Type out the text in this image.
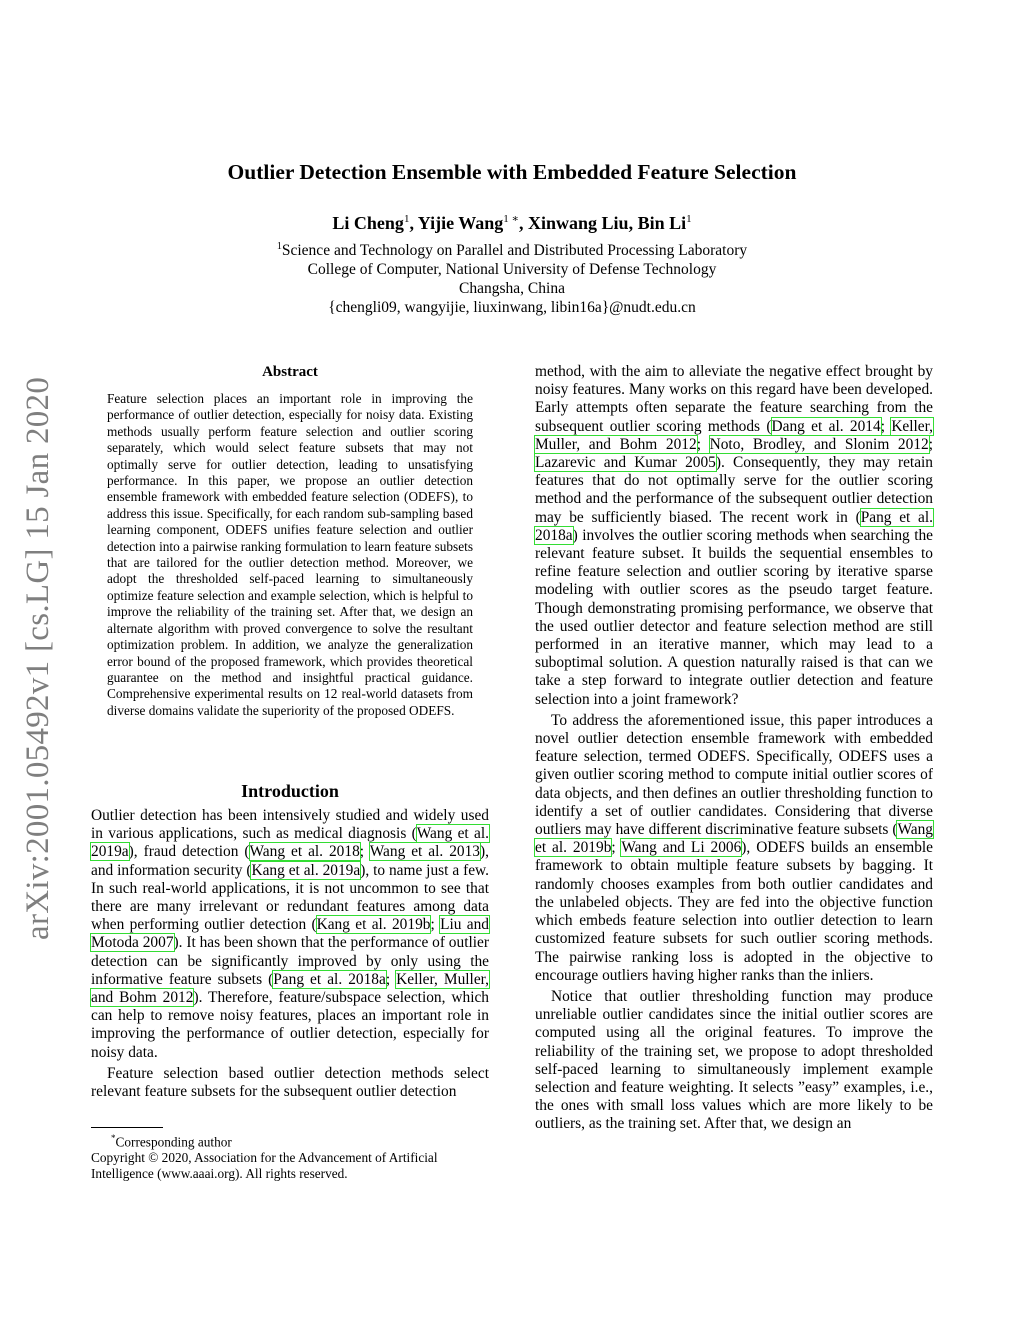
arXiv:2001.05492v1 [cs.LG] 15 Jan 2020
Outlier Detection Ensemble with Embedded Feature Selection
Li Cheng$^1$, Yijie Wang$^{1 ∗}$, Xinwang Liu, Bin Li$^1$
$^1$Science and Technology on Parallel and Distributed Processing Laboratory
College of Computer, National University of Defense Technology
Changsha, China
{chengli09, wangyijie, liuxinwang, libin16a}@nudt.edu.cn
Abstract
Feature selection places an important role in improving the performance of outlier detection, especially for noisy data. Existing methods usually perform feature selection and outlier scoring separately, which would select feature subsets that may not optimally serve for outlier detection, leading to unsatisfying performance. In this paper, we propose an outlier detection ensemble framework with embedded feature selection (ODEFS), to address this issue. Specifically, for each random sub-sampling based learning component, ODEFS unifies feature selection and outlier detection into a pairwise ranking formulation to learn feature subsets that are tailored for the outlier detection method. Moreover, we adopt the thresholded self-paced learning to simultaneously optimize feature selection and example selection, which is helpful to improve the reliability of the training set. After that, we design an alternate algorithm with proved convergence to solve the resultant optimization problem. In addition, we analyze the generalization error bound of the proposed framework, which provides theoretical guarantee on the method and insightful practical guidance. Comprehensive experimental results on 12 real-world datasets from diverse domains validate the superiority of the proposed ODEFS.
Introduction

Outlier detection has been intensively studied and widely used in various applications, such as medical diagnosis (Wang et al. 2019a), fraud detection (Wang et al. 2018; Wang et al. 2013), and information security (Kang et al. 2019a), to name just a few. In such real-world applications, it is not uncommon to see that there are many irrelevant or redundant features among data when performing outlier detection (Kang et al. 2019b; Liu and Motoda 2007). It has been shown that the performance of outlier detection can be significantly improved by only using the informative feature subsets (Pang et al. 2018a; Keller, Muller, and Bohm 2012). Therefore, feature/subspace selection, which can help to remove noisy features, places an important role in improving the performance of outlier detection, especially for noisy data.

Feature selection based outlier detection methods select relevant feature subsets for the subsequent outlier detection

*Corresponding author
Copyright © 2020, Association for the Advancement of Artificial Intelligence (www.aaai.org). All rights reserved.

method, with the aim to alleviate the negative effect brought by noisy features. Many works on this regard have been developed. Early attempts often separate the feature searching from the subsequent outlier scoring methods (Dang et al. 2014; Keller, Muller, and Bohm 2012; Noto, Brodley, and Slonim 2012; Lazarevic and Kumar 2005). Consequently, they may retain features that do not optimally serve for the outlier scoring method and the performance of the subsequent outlier detection may be sufficiently biased. The recent work in (Pang et al. 2018a) involves the outlier scoring methods when searching the relevant feature subset. It builds the sequential ensembles to refine feature selection and outlier scoring by iterative sparse modeling with outlier scores as the pseudo target feature. Though demonstrating promising performance, we observe that the used outlier detector and feature selection method are still performed in an iterative manner, which may lead to a suboptimal solution. A question naturally raised is that can we take a step forward to integrate outlier detection and feature selection into a joint framework?

To address the aforementioned issue, this paper introduces a novel outlier detection ensemble framework with embedded feature selection, termed ODEFS. Specifically, ODEFS uses a given outlier scoring method to compute initial outlier scores of data objects, and then defines an outlier thresholding function to identify a set of outlier candidates. Considering that diverse outliers may have different discriminative feature subsets (Wang et al. 2019b; Wang and Li 2006), ODEFS builds an ensemble framework to obtain multiple feature subsets by bagging. It randomly chooses examples from both outlier candidates and the unlabeled objects. They are fed into the objective function which embeds feature selection into outlier detection to learn customized feature subsets for such outlier scoring methods. The pairwise ranking loss is adopted in the objective to encourage outliers having higher ranks than the inliers.

Notice that outlier thresholding function may produce unreliable outlier candidates since the initial outlier scores are computed using all the original features. To improve the reliability of the training set, we propose to adopt thresholded self-paced learning to simultaneously implement example selection and feature weighting. It selects ”easy” examples, i.e., the ones with small loss values which are more likely to be outliers, as the training set. After that, we design an
